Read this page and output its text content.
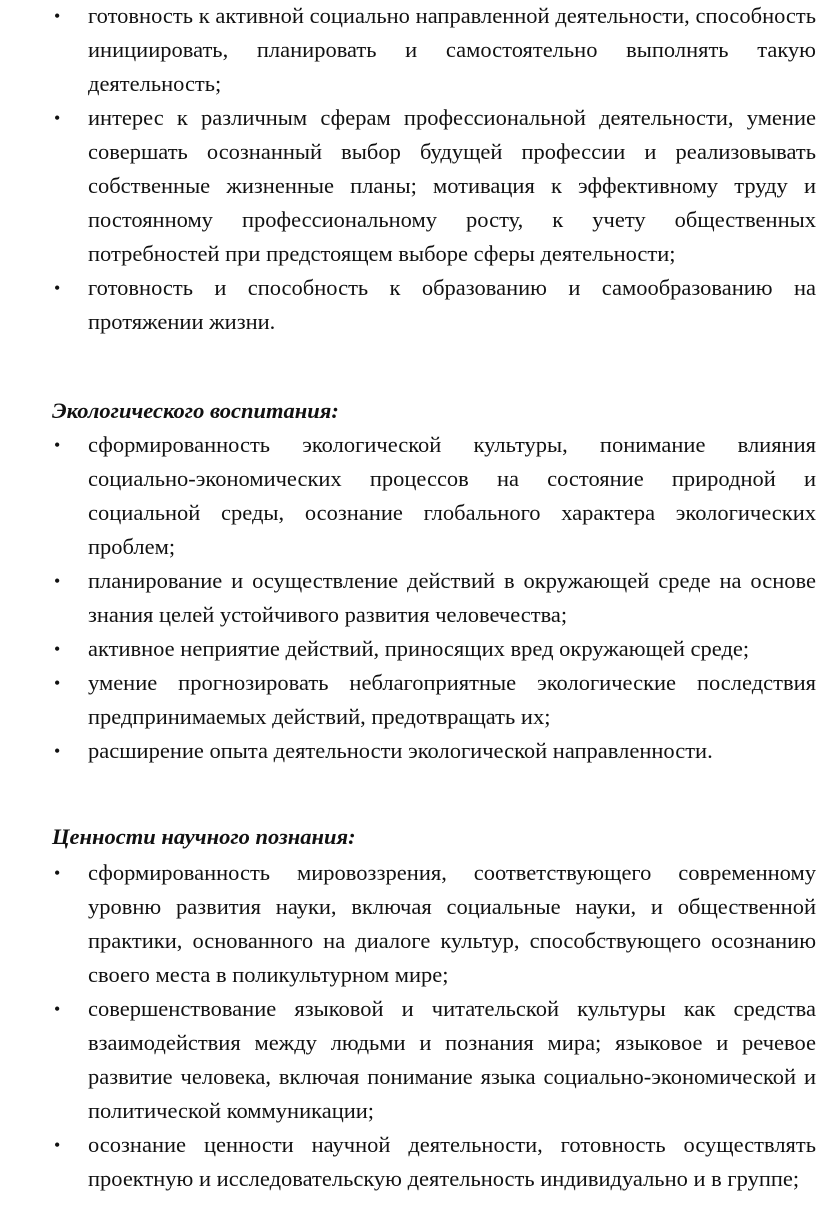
• готовность к активной социально направленной деятельности, способность инициировать, планировать и самостоятельно выполнять такую деятельность;
• интерес к различным сферам профессиональной деятельности, умение совершать осознанный выбор будущей профессии и реализовывать собственные жизненные планы; мотивация к эффективному труду и постоянному профессиональному росту, к учету общественных потребностей при предстоящем выборе сферы деятельности;
• готовность и способность к образованию и самообразованию на протяжении жизни.

Экологического воспитания:

• сформированность экологической культуры, понимание влияния социально-экономических процессов на состояние природной и социальной среды, осознание глобального характера экологических проблем;
• планирование и осуществление действий в окружающей среде на основе знания целей устойчивого развития человечества;
• активное неприятие действий, приносящих вред окружающей среде;
• умение прогнозировать неблагоприятные экологические последствия предпринимаемых действий, предотвращать их;
• расширение опыта деятельности экологической направленности.

Ценности научного познания:

• сформированность мировоззрения, соответствующего современному уровню развития науки, включая социальные науки, и общественной практики, основанного на диалоге культур, способствующего осознанию своего места в поликультурном мире;
• совершенствование языковой и читательской культуры как средства взаимодействия между людьми и познания мира; языковое и речевое развитие человека, включая понимание языка социально-экономической и политической коммуникации;
• осознание ценности научной деятельности, готовность осуществлять проектную и исследовательскую деятельность индивидуально и в группе;
